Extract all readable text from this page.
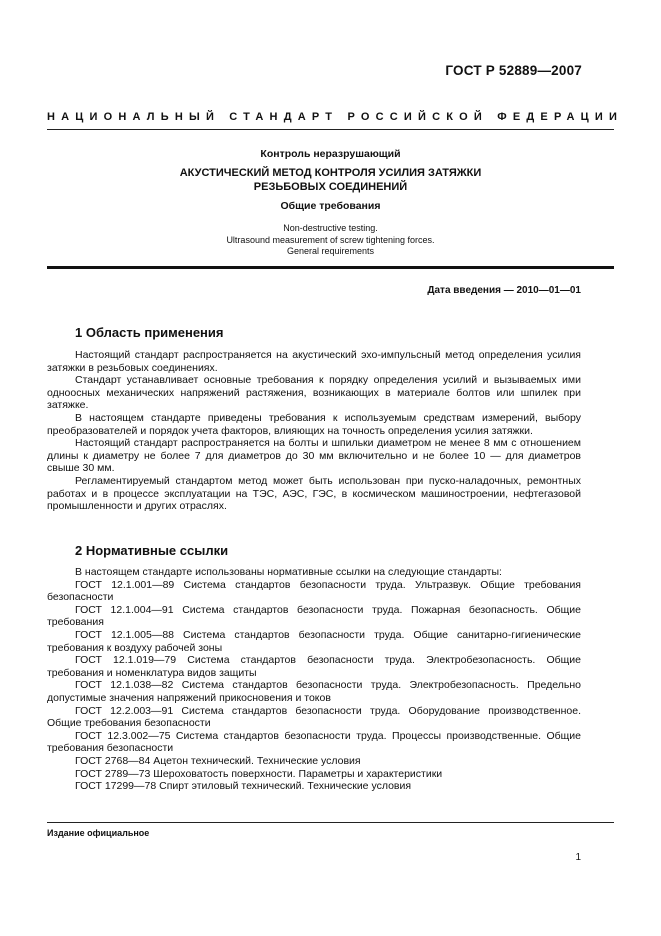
ГОСТ Р 52889—2007
НАЦИОНАЛЬНЫЙ СТАНДАРТ РОССИЙСКОЙ ФЕДЕРАЦИИ
Контроль неразрушающий
АКУСТИЧЕСКИЙ МЕТОД КОНТРОЛЯ УСИЛИЯ ЗАТЯЖКИ
РЕЗЬБОВЫХ СОЕДИНЕНИЙ
Общие требования
Non-destructive testing.
Ultrasound measurement of screw tightening forces.
General requirements
Дата введения — 2010—01—01
1 Область применения
Настоящий стандарт распространяется на акустический эхо-импульсный метод определения усилия затяжки в резьбовых соединениях.
Стандарт устанавливает основные требования к порядку определения усилий и вызываемых ими одноосных механических напряжений растяжения, возникающих в материале болтов или шпилек при затяжке.
В настоящем стандарте приведены требования к используемым средствам измерений, выбору преобразователей и порядок учета факторов, влияющих на точность определения усилия затяжки.
Настоящий стандарт распространяется на болты и шпильки диаметром не менее 8 мм с отношением длины к диаметру не более 7 для диаметров до 30 мм включительно и не более 10 — для диаметров свыше 30 мм.
Регламентируемый стандартом метод может быть использован при пуско-наладочных, ремонтных работах и в процессе эксплуатации на ТЭС, АЭС, ГЭС, в космическом машиностроении, нефтегазовой промышленности и других отраслях.
2 Нормативные ссылки
В настоящем стандарте использованы нормативные ссылки на следующие стандарты:
ГОСТ 12.1.001—89 Система стандартов безопасности труда. Ультразвук. Общие требования безопасности
ГОСТ 12.1.004—91 Система стандартов безопасности труда. Пожарная безопасность. Общие требования
ГОСТ 12.1.005—88 Система стандартов безопасности труда. Общие санитарно-гигиенические требования к воздуху рабочей зоны
ГОСТ 12.1.019—79 Система стандартов безопасности труда. Электробезопасность. Общие требования и номенклатура видов защиты
ГОСТ 12.1.038—82 Система стандартов безопасности труда. Электробезопасность. Предельно допустимые значения напряжений прикосновения и токов
ГОСТ 12.2.003—91 Система стандартов безопасности труда. Оборудование производственное. Общие требования безопасности
ГОСТ 12.3.002—75 Система стандартов безопасности труда. Процессы производственные. Общие требования безопасности
ГОСТ 2768—84 Ацетон технический. Технические условия
ГОСТ 2789—73 Шероховатость поверхности. Параметры и характеристики
ГОСТ 17299—78 Спирт этиловый технический. Технические условия
Издание официальное
1
